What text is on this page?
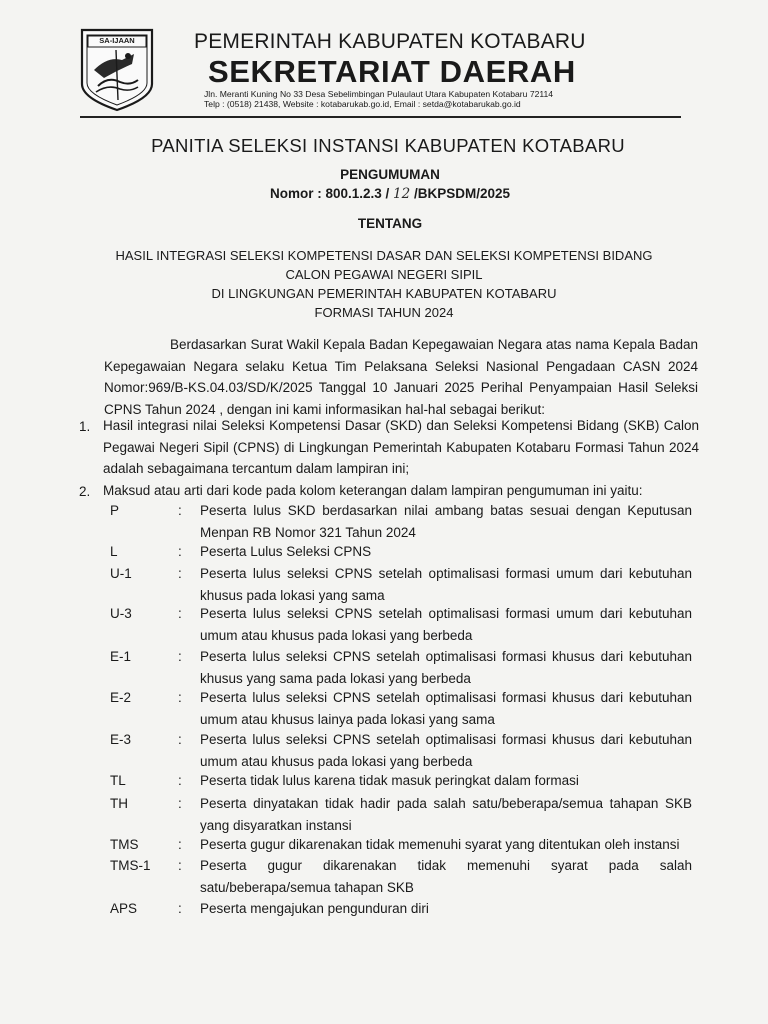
SA-IJAAN	PEMERINTAH KABUPATEN KOTABARU
SEKRETARIAT DAERAH
Jln. Meranti Kuning No 33 Desa Sebelimbingan Pulaulaut Utara Kabupaten Kotabaru 72114
Telp : (0518) 21438, Website : kotabarukab.go.id, Email : setda@kotabarukab.go.id
PANITIA SELEKSI INSTANSI KABUPATEN KOTABARU
PENGUMUMAN
Nomor : 800.1.2.3 / 12 /BKPSDM/2025
TENTANG
HASIL INTEGRASI SELEKSI KOMPETENSI DASAR DAN SELEKSI KOMPETENSI BIDANG
CALON PEGAWAI NEGERI SIPIL
DI LINGKUNGAN PEMERINTAH KABUPATEN KOTABARU
FORMASI TAHUN 2024
Berdasarkan Surat Wakil Kepala Badan Kepegawaian Negara atas nama Kepala Badan Kepegawaian Negara selaku Ketua Tim Pelaksana Seleksi Nasional Pengadaan CASN 2024 Nomor:969/B-KS.04.03/SD/K/2025 Tanggal 10 Januari 2025 Perihal Penyampaian Hasil Seleksi CPNS Tahun 2024 , dengan ini kami informasikan hal-hal sebagai berikut:
1. Hasil integrasi nilai Seleksi Kompetensi Dasar (SKD) dan Seleksi Kompetensi Bidang (SKB) Calon Pegawai Negeri Sipil (CPNS) di Lingkungan Pemerintah Kabupaten Kotabaru Formasi Tahun 2024 adalah sebagaimana tercantum dalam lampiran ini;
2. Maksud atau arti dari kode pada kolom keterangan dalam lampiran pengumuman ini yaitu:
P	: Peserta lulus SKD berdasarkan nilai ambang batas sesuai dengan Keputusan Menpan RB Nomor 321 Tahun 2024
L	: Peserta Lulus Seleksi CPNS
U-1	: Peserta lulus seleksi CPNS setelah optimalisasi formasi umum dari kebutuhan khusus pada lokasi yang sama
U-3	: Peserta lulus seleksi CPNS setelah optimalisasi formasi umum dari kebutuhan umum atau khusus pada lokasi yang berbeda
E-1	: Peserta lulus seleksi CPNS setelah optimalisasi formasi khusus dari kebutuhan khusus yang sama pada lokasi yang berbeda
E-2	: Peserta lulus seleksi CPNS setelah optimalisasi formasi khusus dari kebutuhan umum atau khusus lainya pada lokasi yang sama
E-3	: Peserta lulus seleksi CPNS setelah optimalisasi formasi khusus dari kebutuhan umum atau khusus pada lokasi yang berbeda
TL	: Peserta tidak lulus karena tidak masuk peringkat dalam formasi
TH	: Peserta dinyatakan tidak hadir pada salah satu/beberapa/semua tahapan SKB yang disyaratkan instansi
TMS	: Peserta gugur dikarenakan tidak memenuhi syarat yang ditentukan oleh instansi
TMS-1 : Peserta gugur dikarenakan tidak memenuhi syarat pada salah satu/beberapa/semua tahapan SKB
APS	: Peserta mengajukan pengunduran diri
